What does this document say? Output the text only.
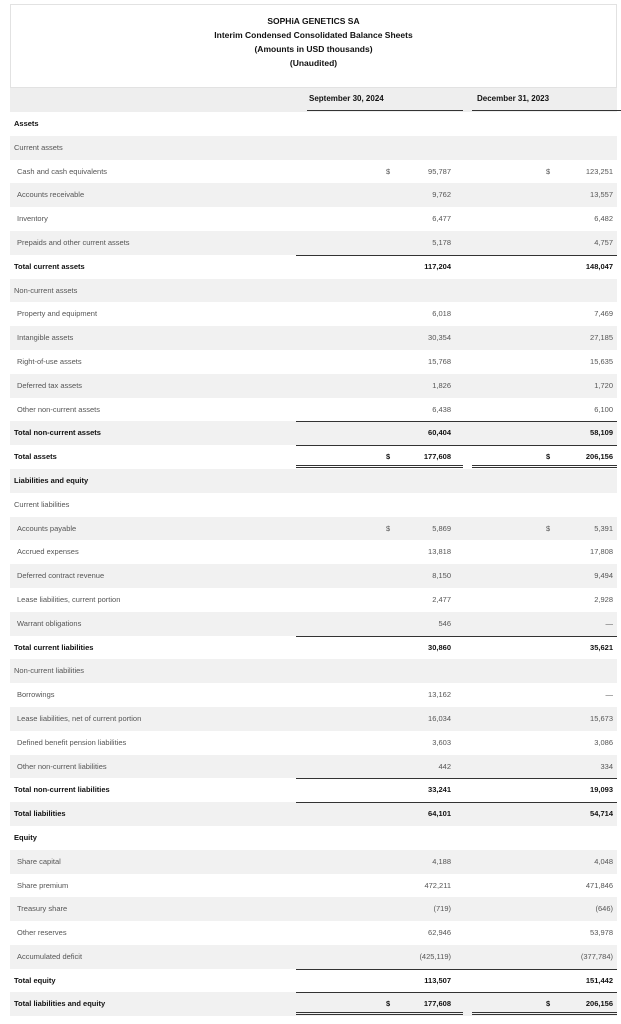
SOPHiA GENETICS SA
Interim Condensed Consolidated Balance Sheets
(Amounts in USD thousands)
(Unaudited)
September 30, 2024	December 31, 2023
Assets
Current assets
Cash and cash equivalents	$	95,787	$	123,251
Accounts receivable	9,762	13,557
Inventory	6,477	6,482
Prepaids and other current assets	5,178	4,757
Total current assets	117,204	148,047
Non-current assets
Property and equipment	6,018	7,469
Intangible assets	30,354	27,185
Right-of-use assets	15,768	15,635
Deferred tax assets	1,826	1,720
Other non-current assets	6,438	6,100
Total non-current assets	60,404	58,109
Total assets	$	177,608	$	206,156
Liabilities and equity
Current liabilities
Accounts payable	$	5,869	$	5,391
Accrued expenses	13,818	17,808
Deferred contract revenue	8,150	9,494
Lease liabilities, current portion	2,477	2,928
Warrant obligations	546	—
Total current liabilities	30,860	35,621
Non-current liabilities
Borrowings	13,162	—
Lease liabilities, net of current portion	16,034	15,673
Defined benefit pension liabilities	3,603	3,086
Other non-current liabilities	442	334
Total non-current liabilities	33,241	19,093
Total liabilities	64,101	54,714
Equity
Share capital	4,188	4,048
Share premium	472,211	471,846
Treasury share	(719)	(646)
Other reserves	62,946	53,978
Accumulated deficit	(425,119)	(377,784)
Total equity	113,507	151,442
Total liabilities and equity	$	177,608	$	206,156
